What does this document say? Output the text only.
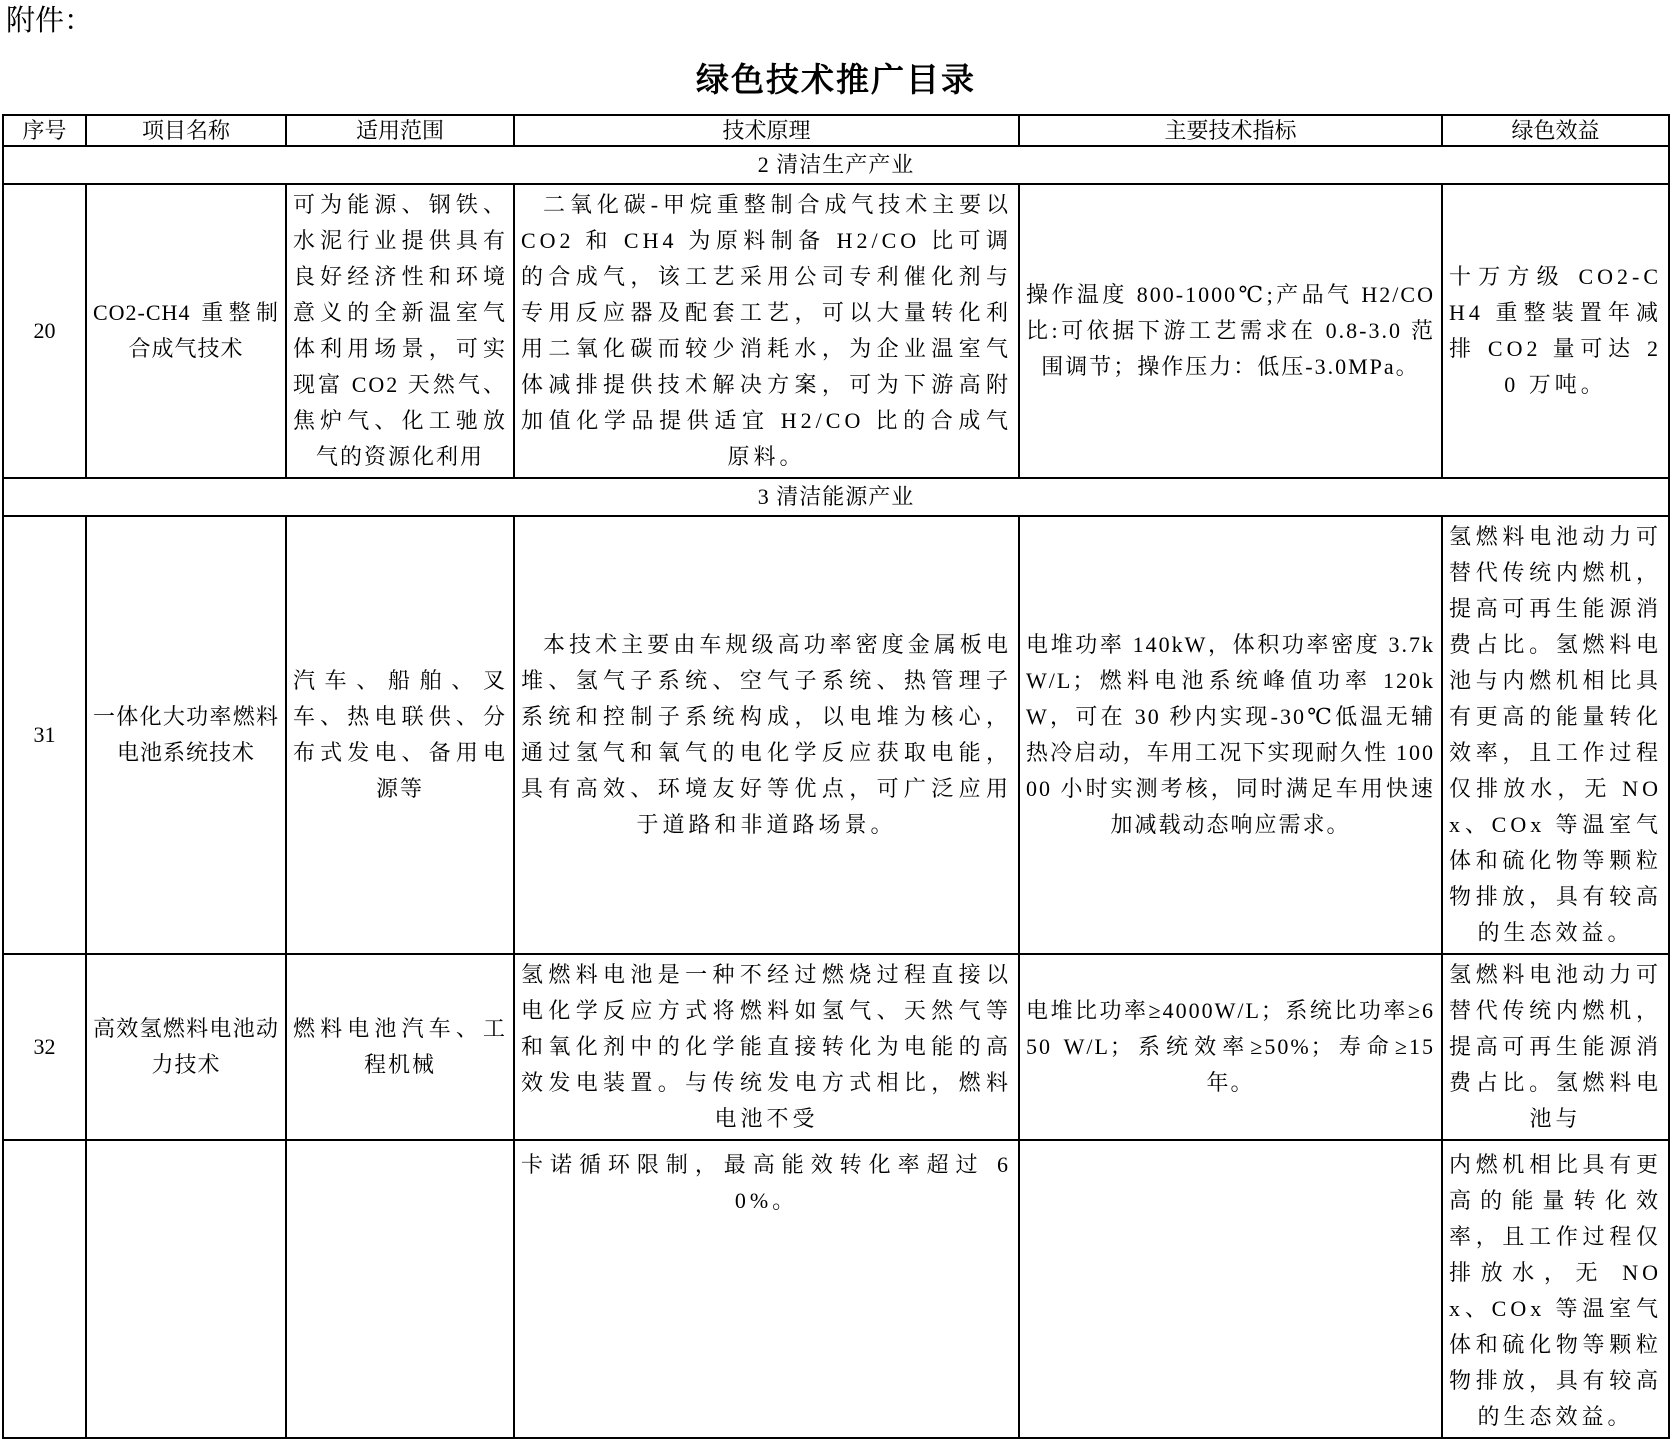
附件：
绿色技术推广目录
序号	项目名称	适用范围	技术原理	主要技术指标	绿色效益
2 清洁生产产业					
20	CO2-CH4 重整制合成气技术	可为能源、钢铁、水泥行业提供具有良好经济性和环境意义的全新温室气体利用场景，可实现富 CO2 天然气、焦炉气、化工驰放气的资源化利用	二氧化碳-甲烷重整制合成气技术主要以 CO2 和 CH4 为原料制备 H2/CO 比可调的合成气，该工艺采用公司专利催化剂与专用反应器及配套工艺，可以大量转化利用二氧化碳而较少消耗水，为企业温室气体减排提供技术解决方案，可为下游高附加值化学品提供适宜 H2/CO 比的合成气原料。	操作温度 800-1000℃;产品气 H2/CO 比:可依据下游工艺需求在 0.8-3.0 范围调节；操作压力：低压-3.0MPa。	十万方级 CO2-CH4 重整装置年减排 CO2 量可达 20 万吨。
3 清洁能源产业					
31	一体化大功率燃料电池系统技术	汽车、船舶、叉车、热电联供、分布式发电、备用电源等	本技术主要由车规级高功率密度金属板电堆、氢气子系统、空气子系统、热管理子系统和控制子系统构成，以电堆为核心，通过氢气和氧气的电化学反应获取电能，具有高效、环境友好等优点，可广泛应用于道路和非道路场景。	电堆功率 140kW，体积功率密度 3.7kW/L；燃料电池系统峰值功率 120kW，可在 30 秒内实现-30℃低温无辅热冷启动，车用工况下实现耐久性 10000 小时实测考核，同时满足车用快速加减载动态响应需求。	氢燃料电池动力可替代传统内燃机，提高可再生能源消费占比。氢燃料电池与内燃机相比具有更高的能量转化效率，且工作过程仅排放水，无 NOx、COx 等温室气体和硫化物等颗粒物排放，具有较高的生态效益。
32	高效氢燃料电池动力技术	燃料电池汽车、工程机械	氢燃料电池是一种不经过燃烧过程直接以电化学反应方式将燃料如氢气、天然气等和氧化剂中的化学能直接转化为电能的高效发电装置。与传统发电方式相比，燃料电池不受	电堆比功率≥4000W/L；系统比功率≥650 W/L；系统效率≥50%；寿命≥15 年。	氢燃料电池动力可替代传统内燃机，提高可再生能源消费占比。氢燃料电池与
			卡诺循环限制，最高能效转化率超过 60%。		内燃机相比具有更高的能量转化效率，且工作过程仅排放水，无 NOx、COx 等温室气体和硫化物等颗粒物排放，具有较高的生态效益。
